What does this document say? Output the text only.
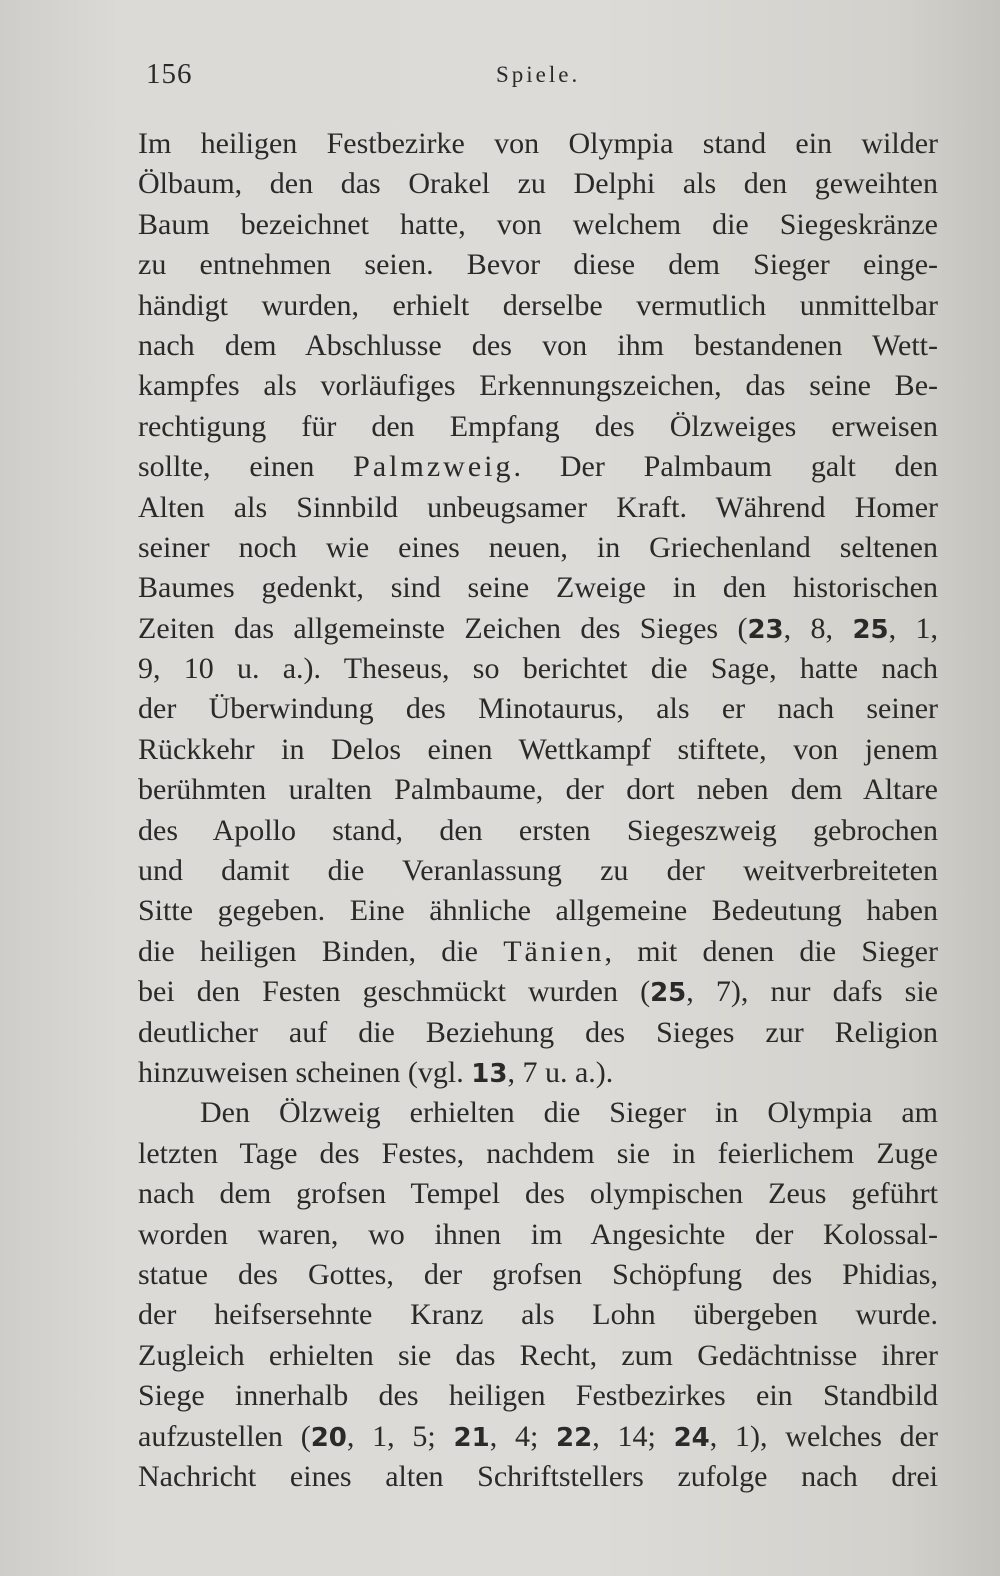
156	Spiele.
Im heiligen Festbezirke von Olympia stand ein wilder
Ölbaum, den das Orakel zu Delphi als den geweihten
Baum bezeichnet hatte, von welchem die Siegeskränze
zu entnehmen seien. Bevor diese dem Sieger einge-
händigt wurden, erhielt derselbe vermutlich unmittelbar
nach dem Abschlusse des von ihm bestandenen Wett-
kampfes als vorläufiges Erkennungszeichen, das seine Be-
rechtigung für den Empfang des Ölzweiges erweisen
sollte, einen Palmzweig. Der Palmbaum galt den
Alten als Sinnbild unbeugsamer Kraft. Während Homer
seiner noch wie eines neuen, in Griechenland seltenen
Baumes gedenkt, sind seine Zweige in den historischen
Zeiten das allgemeinste Zeichen des Sieges (23, 8, 25, 1,
9, 10 u. a.). Theseus, so berichtet die Sage, hatte nach
der Überwindung des Minotaurus, als er nach seiner
Rückkehr in Delos einen Wettkampf stiftete, von jenem
berühmten uralten Palmbaume, der dort neben dem Altare
des Apollo stand, den ersten Siegeszweig gebrochen
und damit die Veranlassung zu der weitverbreiteten
Sitte gegeben. Eine ähnliche allgemeine Bedeutung haben
die heiligen Binden, die Tänien, mit denen die Sieger
bei den Festen geschmückt wurden (25, 7), nur dafs sie
deutlicher auf die Beziehung des Sieges zur Religion
hinzuweisen scheinen (vgl. 13, 7 u. a.).
Den Ölzweig erhielten die Sieger in Olympia am
letzten Tage des Festes, nachdem sie in feierlichem Zuge
nach dem grofsen Tempel des olympischen Zeus geführt
worden waren, wo ihnen im Angesichte der Kolossal-
statue des Gottes, der grofsen Schöpfung des Phidias,
der heifsersehnte Kranz als Lohn übergeben wurde.
Zugleich erhielten sie das Recht, zum Gedächtnisse ihrer
Siege innerhalb des heiligen Festbezirkes ein Standbild
aufzustellen (20, 1, 5; 21, 4; 22, 14; 24, 1), welches der
Nachricht eines alten Schriftstellers zufolge nach drei
